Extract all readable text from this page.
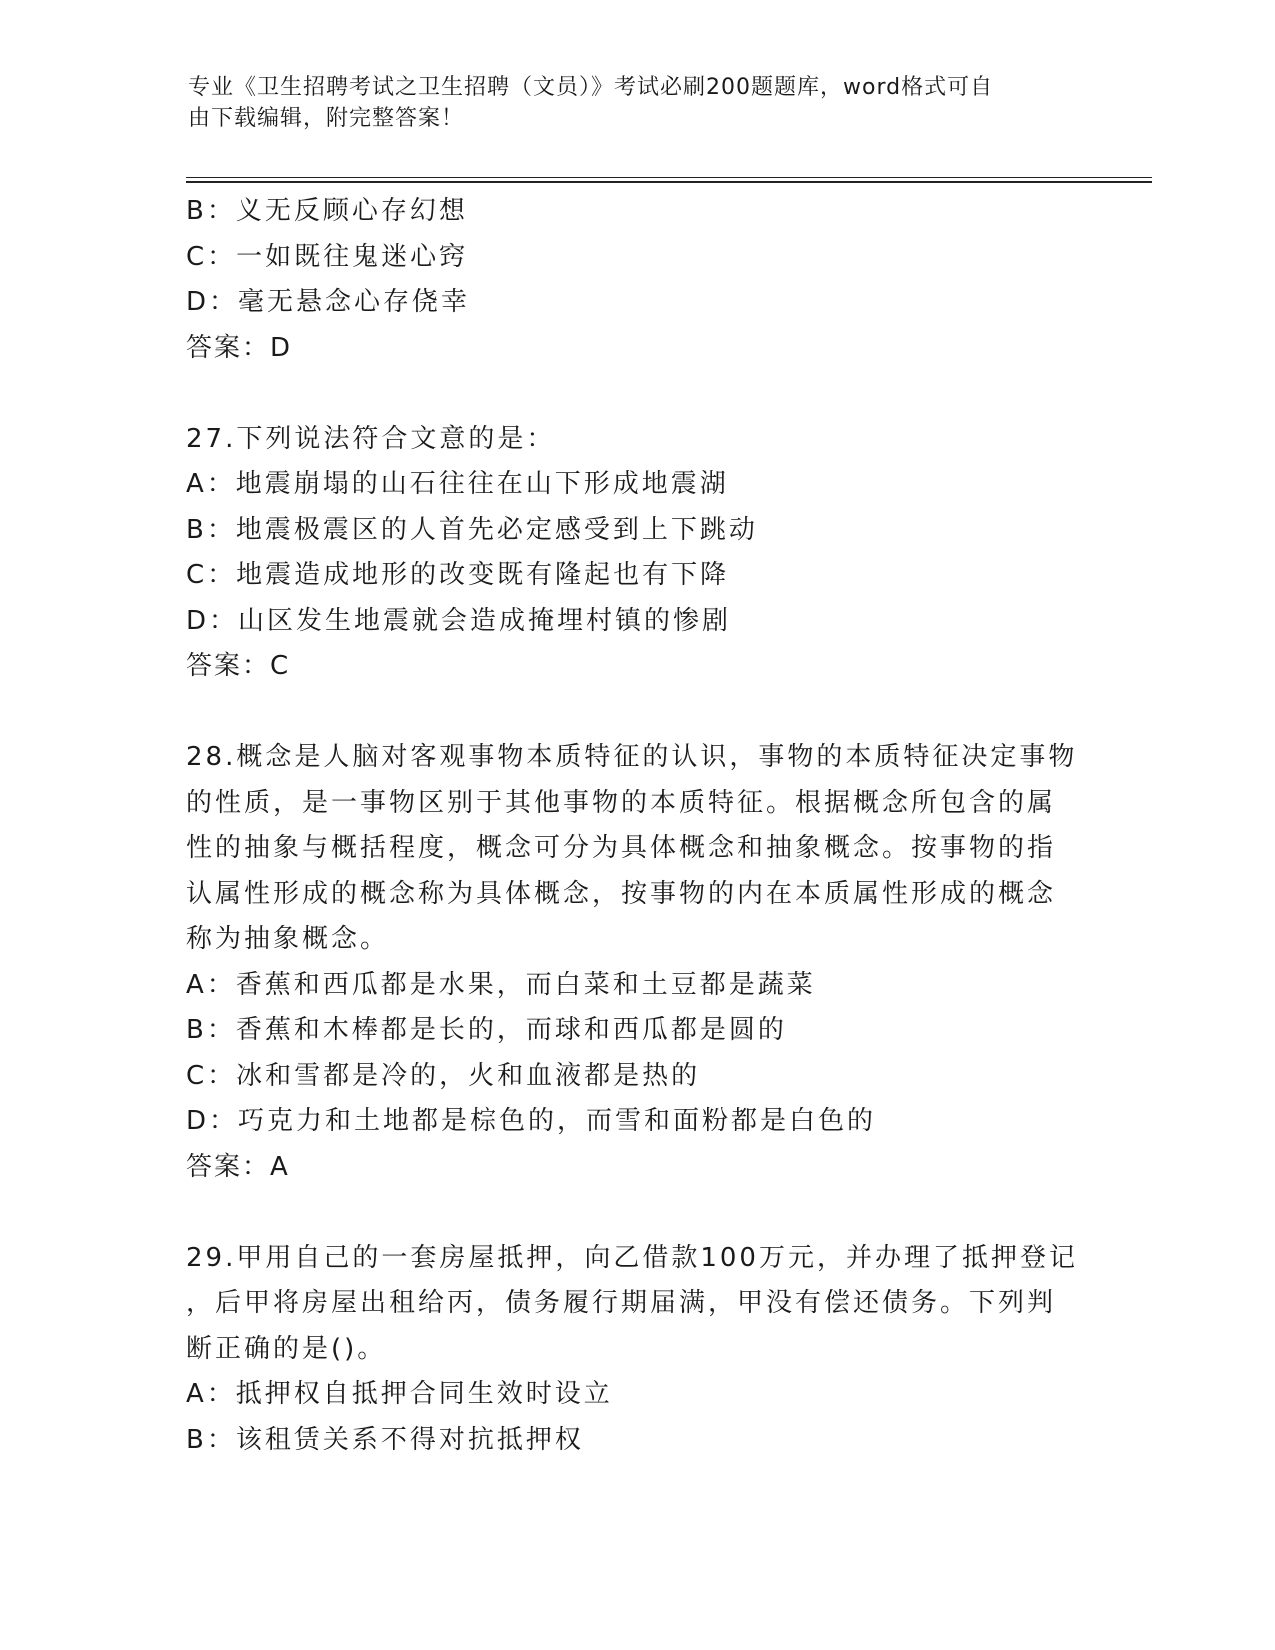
专业《卫生招聘考试之卫生招聘（文员）》考试必刷200题题库，word格式可自
由下载编辑，附完整答案！
B：义无反顾心存幻想
C：一如既往鬼迷心窍
D：毫无悬念心存侥幸
答案：D
27.下列说法符合文意的是：
A：地震崩塌的山石往往在山下形成地震湖
B：地震极震区的人首先必定感受到上下跳动
C：地震造成地形的改变既有隆起也有下降
D：山区发生地震就会造成掩埋村镇的惨剧
答案：C
28.概念是人脑对客观事物本质特征的认识，事物的本质特征决定事物
的性质，是一事物区别于其他事物的本质特征。根据概念所包含的属
性的抽象与概括程度，概念可分为具体概念和抽象概念。按事物的指
认属性形成的概念称为具体概念，按事物的内在本质属性形成的概念
称为抽象概念。
A：香蕉和西瓜都是水果，而白菜和土豆都是蔬菜
B：香蕉和木棒都是长的，而球和西瓜都是圆的
C：冰和雪都是冷的，火和血液都是热的
D：巧克力和土地都是棕色的，而雪和面粉都是白色的
答案：A
29.甲用自己的一套房屋抵押，向乙借款100万元，并办理了抵押登记
，后甲将房屋出租给丙，债务履行期届满，甲没有偿还债务。下列判
断正确的是()。
A：抵押权自抵押合同生效时设立
B：该租赁关系不得对抗抵押权
